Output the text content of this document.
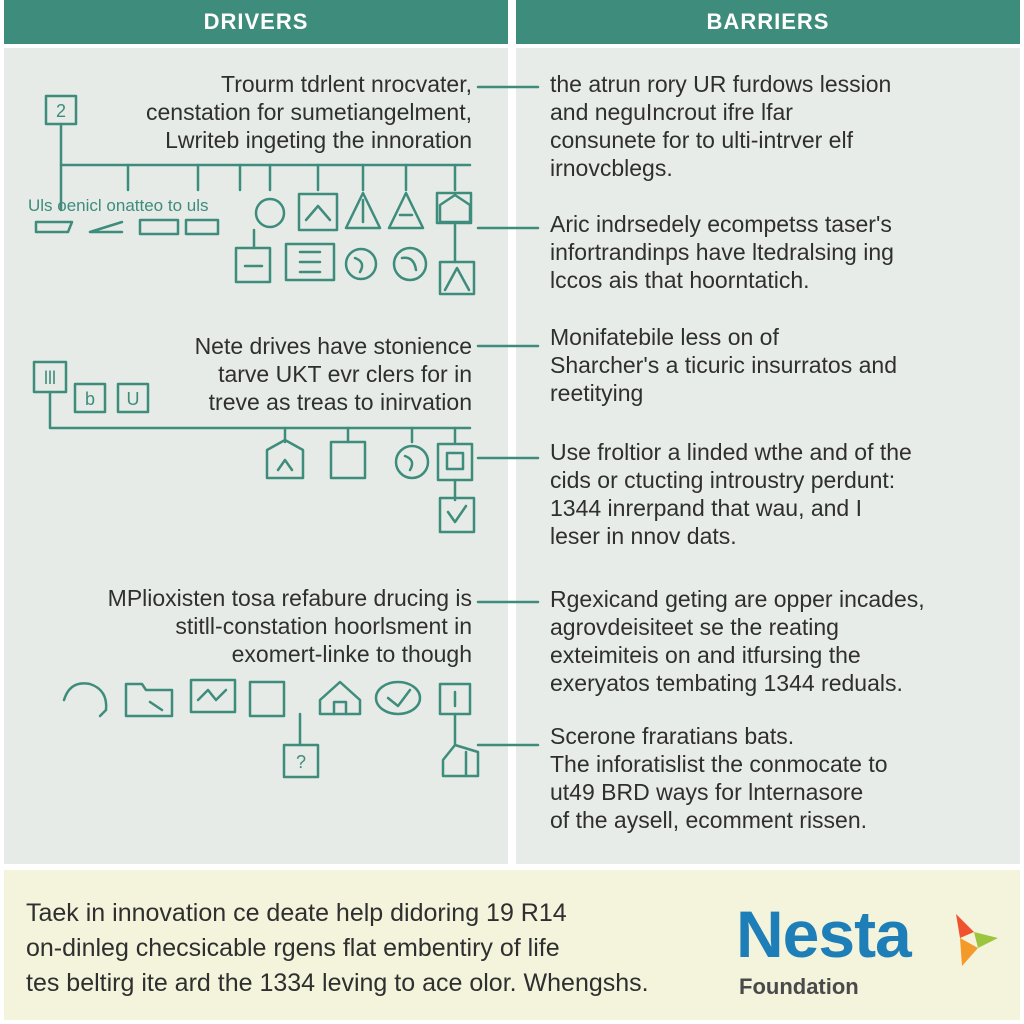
DRIVERS	BARRIERS
2
lll
b U
?
Trourm tdrlent nrocvater,
censtation for sumetiangelment,
Lwriteb ingeting the innoration
Uls oenicl onatteo to uls
Nete drives have stonience
tarve UKT evr clers for in
treve as treas to inirvation
MPlioxisten tosa refabure drucing is
stitll-constation hoorlsment in
exomert-linke to though
the atrun rory UR furdows lession
and neguIncrout ifre lfar
consunete for to ulti-intrver elf
irnovcblegs.
Aric indrsedely ecompetss taser's
infortrandinps have ltedralsing ing
lccos ais that hoorntatich.
Monifatebile less on of
Sharcher's a ticuric insurratos and
reetitying
Use froltior a linded wthe and of the
cids or ctucting introustry perdunt:
1344 inrerpand that wau, and I
leser in nnov dats.
Rgexicand geting are opper incades,
agrovdeisiteet se the reating
exteimiteis on and itfursing the
exeryatos tembating 1344 reduals.
Scerone fraratians bats.
The inforatislist the conmocate to
ut49 BRD ways for lnternasore
of the aysell, ecomment rissen.
Taek in innovation ce deate help didoring 19 R14
on-dinleg checsicable rgens flat embentiry of life
tes beltirg ite ard the 1334 leving to ace olor. Whengshs.
Nesta
Foundation
